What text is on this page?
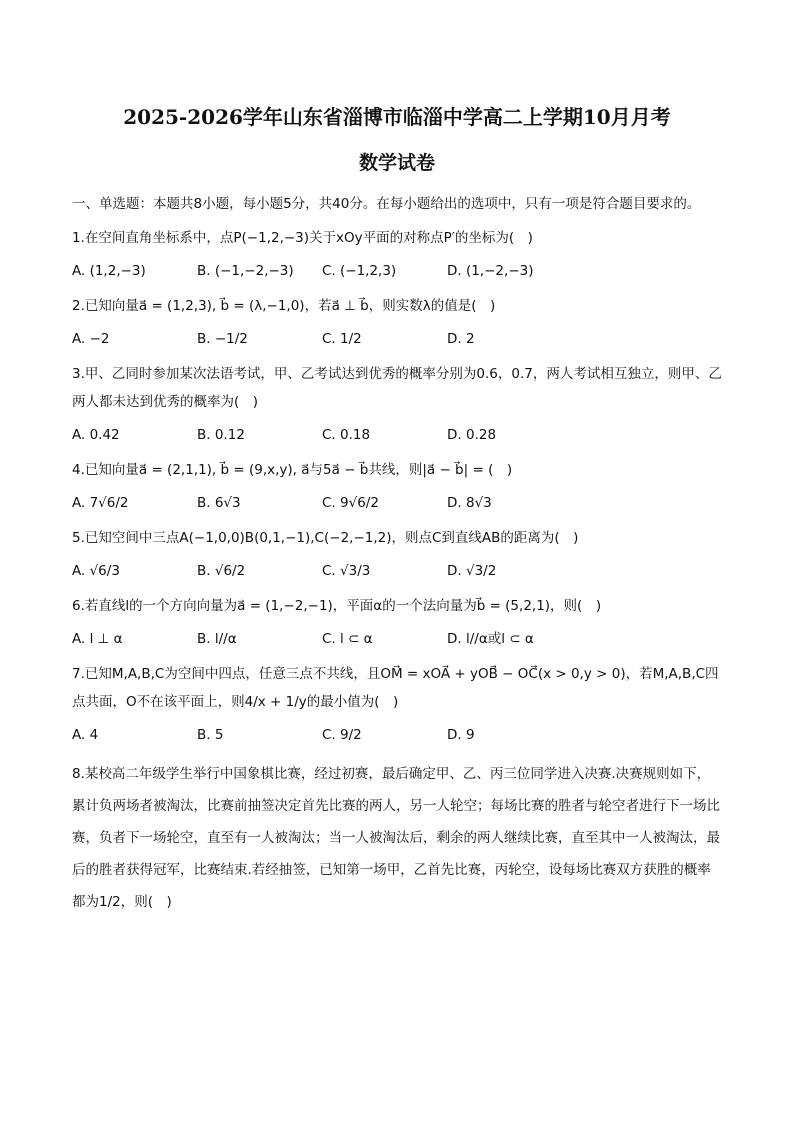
2025-2026学年山东省淄博市临淄中学高二上学期10月月考
数学试卷
一、单选题：本题共8小题，每小题5分，共40分。在每小题给出的选项中，只有一项是符合题目要求的。
1.在空间直角坐标系中，点P(−1,2,−3)关于xOy平面的对称点P′的坐标为(　)
A. (1,2,−3)	B. (−1,−2,−3)	C. (−1,2,3)	D. (1,−2,−3)
2.已知向量a⃗ = (1,2,3), b⃗ = (λ,−1,0)，若a⃗ ⊥ b⃗，则实数λ的值是(　)
A. −2	B. −1/2	C. 1/2	D. 2
3.甲、乙同时参加某次法语考试，甲、乙考试达到优秀的概率分别为0.6，0.7，两人考试相互独立，则甲、乙两人都未达到优秀的概率为(　)
A. 0.42	B. 0.12	C. 0.18	D. 0.28
4.已知向量a⃗ = (2,1,1), b⃗ = (9,x,y), a⃗与5a⃗ − b⃗共线，则|a⃗ − b⃗| = (　)
A. 7√6/2	B. 6√3	C. 9√6/2	D. 8√3
5.已知空间中三点A(−1,0,0)B(0,1,−1),C(−2,−1,2)，则点C到直线AB的距离为(　)
A. √6/3	B. √6/2	C. √3/3	D. √3/2
6.若直线l的一个方向向量为a⃗ = (1,−2,−1)，平面α的一个法向量为b⃗ = (5,2,1)，则(　)
A. l ⊥ α	B. l//α	C. l ⊂ α	D. l//α或l ⊂ α
7.已知M,A,B,C为空间中四点，任意三点不共线，且OM⃗ = xOA⃗ + yOB⃗ − OC⃗(x > 0,y > 0)，若M,A,B,C四点共面，O不在该平面上，则4/x + 1/y的最小值为(　)
A. 4	B. 5	C. 9/2	D. 9
8.某校高二年级学生举行中国象棋比赛，经过初赛，最后确定甲、乙、丙三位同学进入决赛.决赛规则如下，累计负两场者被淘汰，比赛前抽签决定首先比赛的两人，另一人轮空；每场比赛的胜者与轮空者进行下一场比赛，负者下一场轮空，直至有一人被淘汰；当一人被淘汰后，剩余的两人继续比赛，直至其中一人被淘汰，最后的胜者获得冠军，比赛结束.若经抽签，已知第一场甲，乙首先比赛，丙轮空，设每场比赛双方获胜的概率都为1/2，则(　)
